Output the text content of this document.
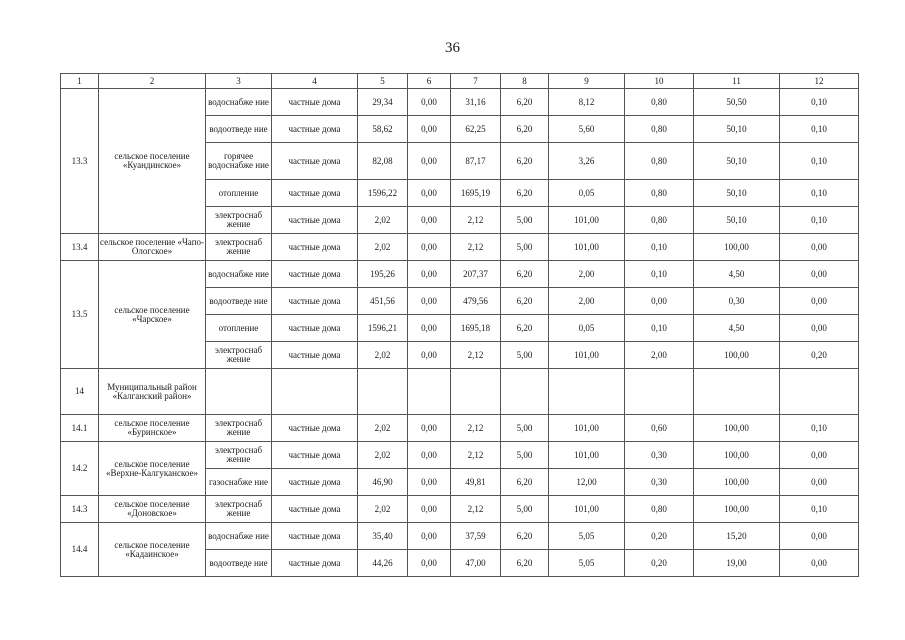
36
1	2	3	4	5	6	7	8	9	10	11	12
13.3	сельское поселение «Куандинское»	водоснабже ние	частные дома	29,34	0,00	31,16	6,20	8,12	0,80	50,50	0,10
		водоотведе ние	частные дома	58,62	0,00	62,25	6,20	5,60	0,80	50,10	0,10
		горячее водоснабже ние	частные дома	82,08	0,00	87,17	6,20	3,26	0,80	50,10	0,10
		отопление	частные дома	1596,22	0,00	1695,19	6,20	0,05	0,80	50,10	0,10
		электроснаб жение	частные дома	2,02	0,00	2,12	5,00	101,00	0,80	50,10	0,10
13.4	сельское поселение «Чапо-Ологское»	электроснаб жение	частные дома	2,02	0,00	2,12	5,00	101,00	0,10	100,00	0,00
13.5	сельское поселение «Чарское»	водоснабже ние	частные дома	195,26	0,00	207,37	6,20	2,00	0,10	4,50	0,00
		водоотведе ние	частные дома	451,56	0,00	479,56	6,20	2,00	0,00	0,30	0,00
		отопление	частные дома	1596,21	0,00	1695,18	6,20	0,05	0,10	4,50	0,00
		электроснаб жение	частные дома	2,02	0,00	2,12	5,00	101,00	2,00	100,00	0,20
14	Муниципальный район «Калганский район»										
14.1	сельское поселение «Буринское»	электроснаб жение	частные дома	2,02	0,00	2,12	5,00	101,00	0,60	100,00	0,10
14.2	сельское поселение «Верхне-Калгуканское»	электроснаб жение	частные дома	2,02	0,00	2,12	5,00	101,00	0,30	100,00	0,00
		газоснабже ние	частные дома	46,90	0,00	49,81	6,20	12,00	0,30	100,00	0,00
14.3	сельское поселение «Доновское»	электроснаб жение	частные дома	2,02	0,00	2,12	5,00	101,00	0,80	100,00	0,10
14.4	сельское поселение «Кадаинское»	водоснабже ние	частные дома	35,40	0,00	37,59	6,20	5,05	0,20	15,20	0,00
		водоотведе ние	частные дома	44,26	0,00	47,00	6,20	5,05	0,20	19,00	0,00
